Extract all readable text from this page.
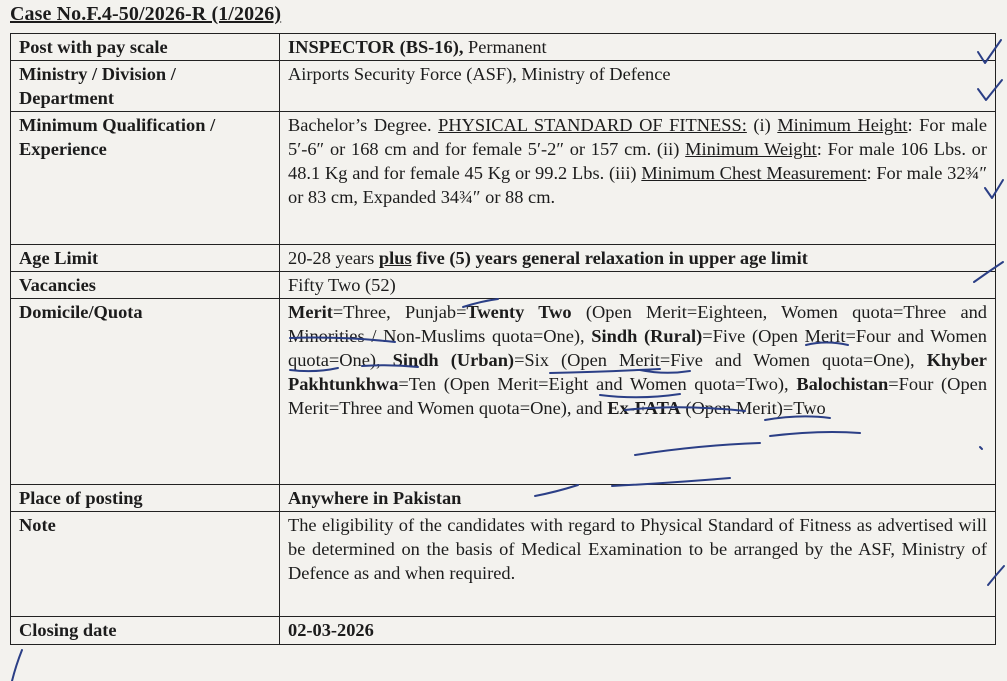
Case No.F.4-50/2026-R (1/2026)
Post with pay scale	INSPECTOR (BS-16), Permanent
Ministry / Division / Department	Airports Security Force (ASF), Ministry of Defence
Minimum Qualification / Experience	Bachelor’s Degree. PHYSICAL STANDARD OF FITNESS: (i) Minimum Height: For male 5′-6″ or 168 cm and for female 5′-2″ or 157 cm. (ii) Minimum Weight: For male 106 Lbs. or 48.1 Kg and for female 45 Kg or 99.2 Lbs. (iii) Minimum Chest Measurement: For male 32¾″ or 83 cm, Expanded 34¾″ or 88 cm.
Age Limit	20-28 years plus five (5) years general relaxation in upper age limit
Vacancies	Fifty Two (52)
Domicile/Quota	Merit=Three, Punjab=Twenty Two (Open Merit=Eighteen, Women quota=Three and Minorities / Non-Muslims quota=One), Sindh (Rural)=Five (Open Merit=Four and Women quota=One), Sindh (Urban)=Six (Open Merit=Five and Women quota=One), Khyber Pakhtunkhwa=Ten (Open Merit=Eight and Women quota=Two), Balochistan=Four (Open Merit=Three and Women quota=One), and Ex-FATA (Open Merit)=Two
Place of posting	Anywhere in Pakistan
Note	The eligibility of the candidates with regard to Physical Standard of Fitness as advertised will be determined on the basis of Medical Examination to be arranged by the ASF, Ministry of Defence as and when required.
Closing date	02-03-2026
